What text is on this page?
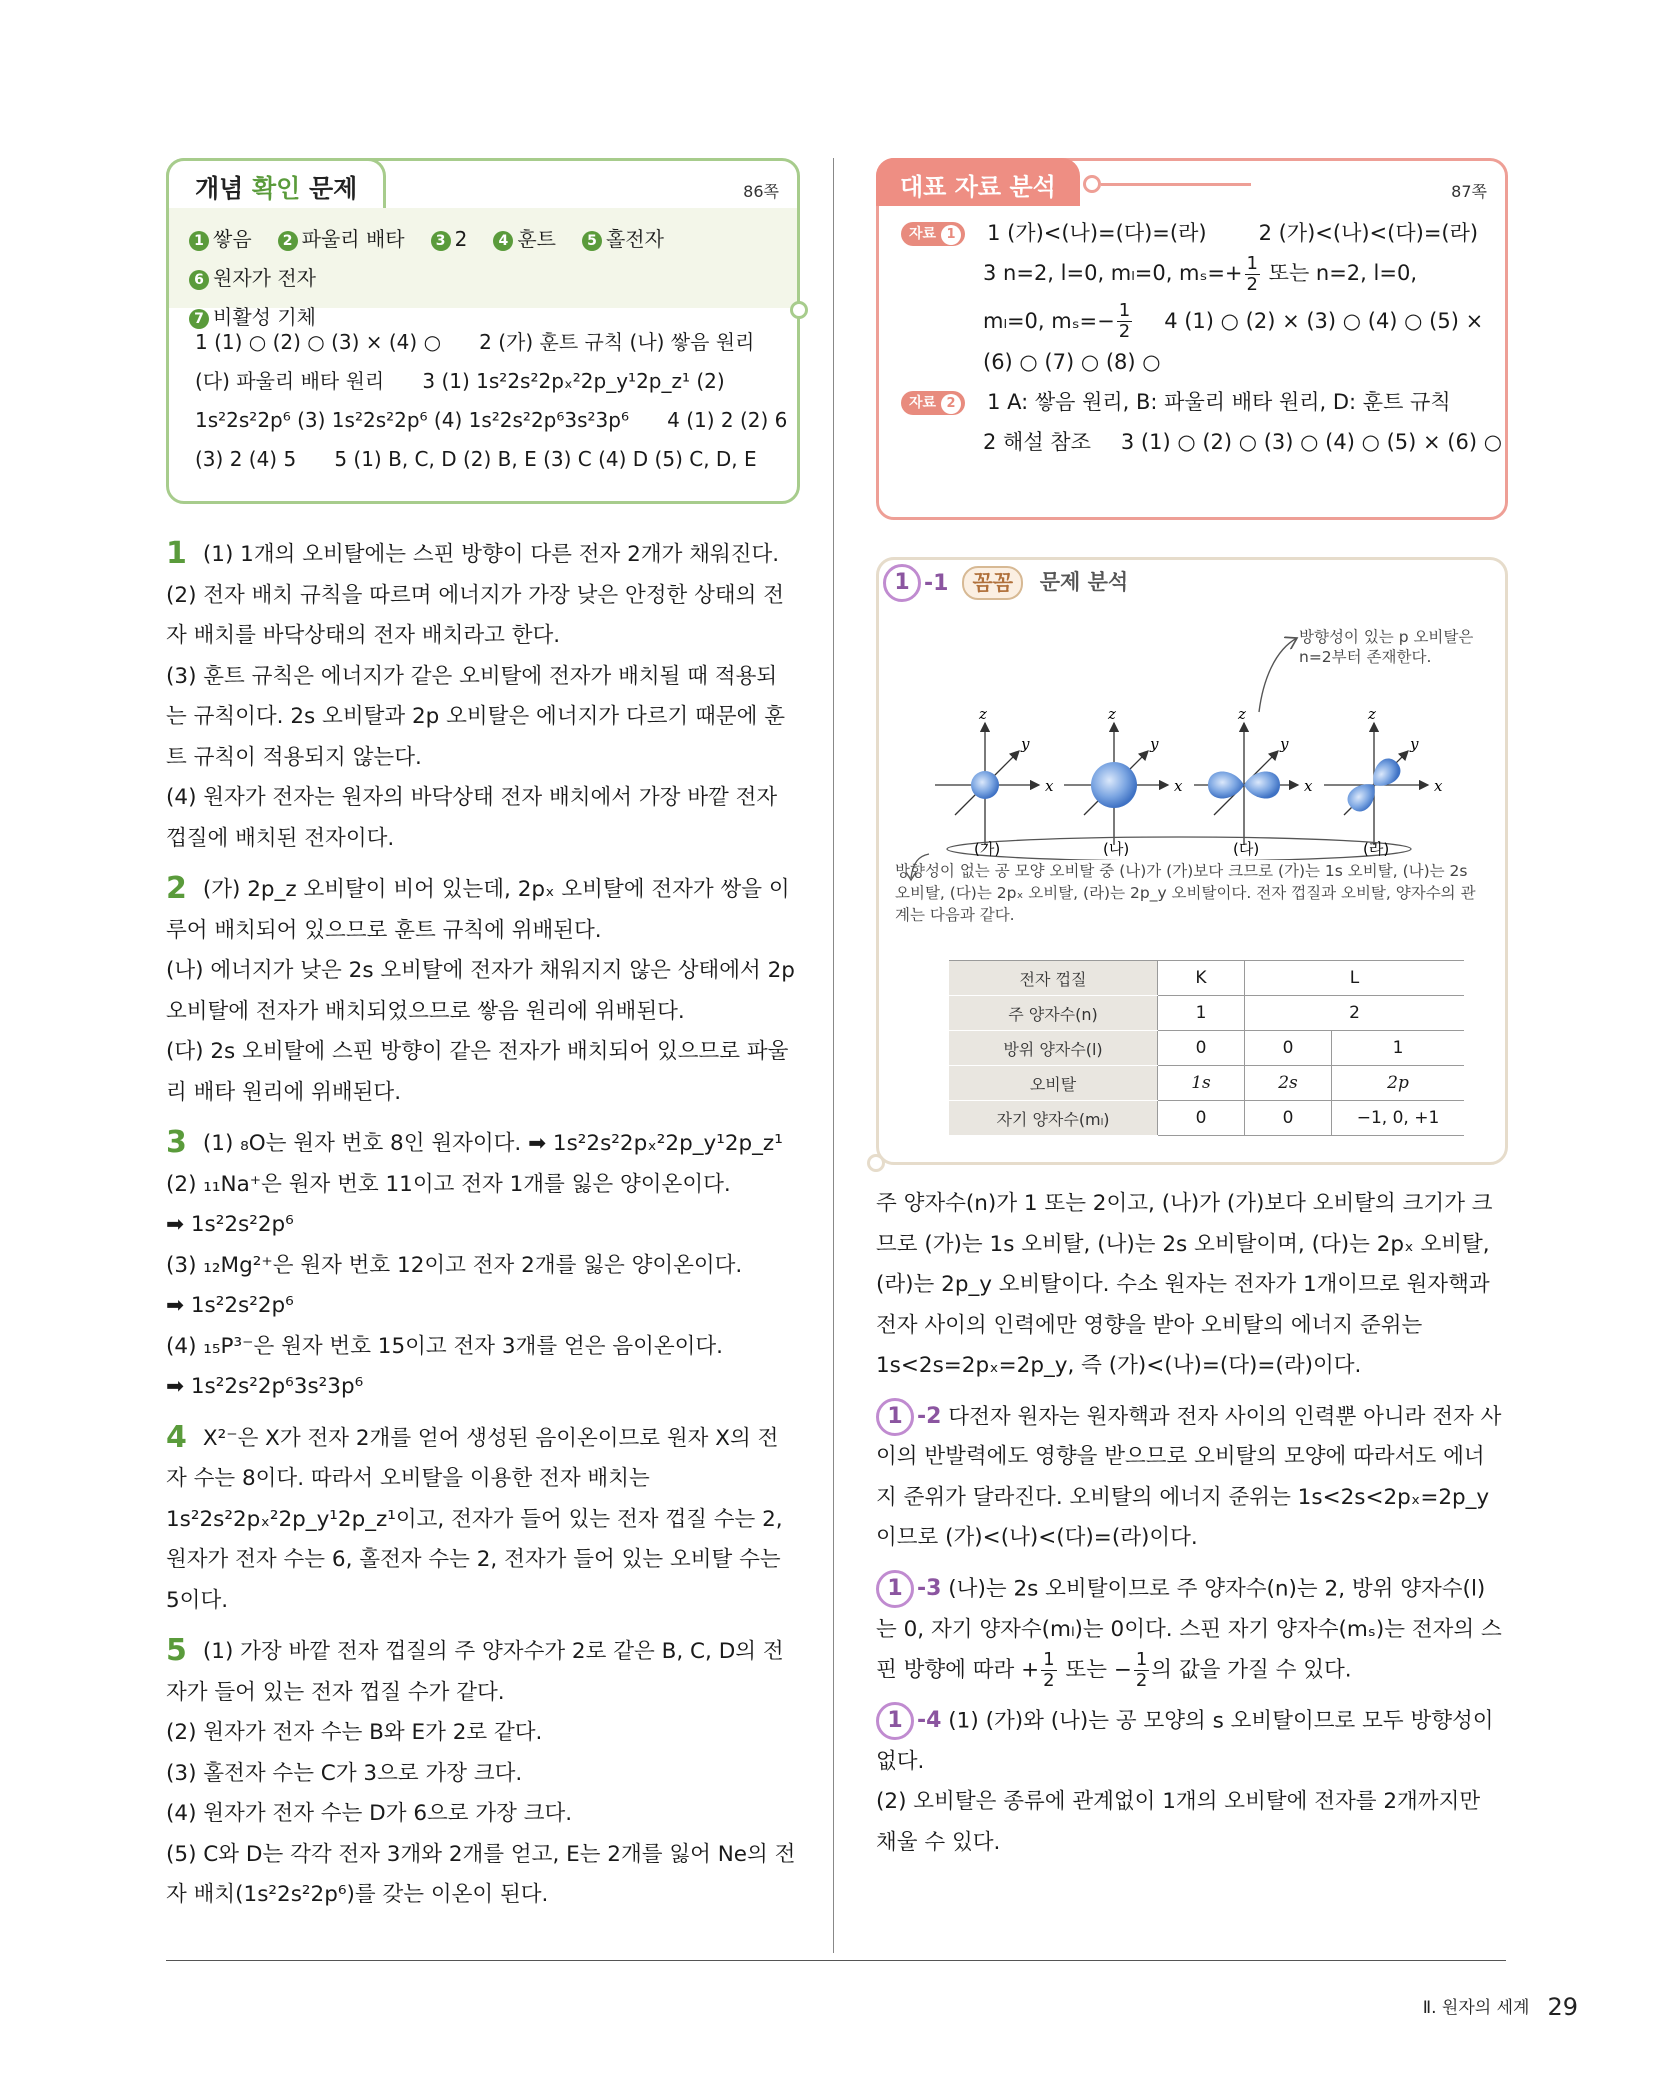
개념 확인 문제	86쪽
1 쌓음 2 파울리 배타 3 2 4 훈트 5 홀전자6 원자가 전자
7 비활성 기체
1 (1) ○ (2) ○ (3) × (4) ○      2 (가) 훈트 규칙 (나) 쌓음 원리
(다) 파울리 배타 원리      3 (1) 1s²2s²2pₓ²2p_y¹2p_z¹ (2)
1s²2s²2p⁶ (3) 1s²2s²2p⁶ (4) 1s²2s²2p⁶3s²3p⁶      4 (1) 2 (2) 6
(3) 2 (4) 5      5 (1) B, C, D (2) B, E (3) C (4) D (5) C, D, E

1 (1) 1개의 오비탈에는 스핀 방향이 다른 전자 2개가 채워진다.

(2) 전자 배치 규칙을 따르며 에너지가 가장 낮은 안정한 상태의 전자 배치를 바닥상태의 전자 배치라고 한다.

(3) 훈트 규칙은 에너지가 같은 오비탈에 전자가 배치될 때 적용되는 규칙이다. 2s 오비탈과 2p 오비탈은 에너지가 다르기 때문에 훈트 규칙이 적용되지 않는다.

(4) 원자가 전자는 원자의 바닥상태 전자 배치에서 가장 바깥 전자 껍질에 배치된 전자이다.

2 (가) 2p_z 오비탈이 비어 있는데, 2pₓ 오비탈에 전자가 쌍을 이루어 배치되어 있으므로 훈트 규칙에 위배된다.

(나) 에너지가 낮은 2s 오비탈에 전자가 채워지지 않은 상태에서 2p 오비탈에 전자가 배치되었으므로 쌓음 원리에 위배된다.

(다) 2s 오비탈에 스핀 방향이 같은 전자가 배치되어 있으므로 파울리 배타 원리에 위배된다.

3 (1) ₈O는 원자 번호 8인 원자이다. ➡ 1s²2s²2pₓ²2p_y¹2p_z¹

(2) ₁₁Na⁺은 원자 번호 11이고 전자 1개를 잃은 양이온이다.

➡ 1s²2s²2p⁶

(3) ₁₂Mg²⁺은 원자 번호 12이고 전자 2개를 잃은 양이온이다.

➡ 1s²2s²2p⁶

(4) ₁₅P³⁻은 원자 번호 15이고 전자 3개를 얻은 음이온이다.

➡ 1s²2s²2p⁶3s²3p⁶

4 X²⁻은 X가 전자 2개를 얻어 생성된 음이온이므로 원자 X의 전자 수는 8이다. 따라서 오비탈을 이용한 전자 배치는 1s²2s²2pₓ²2p_y¹2p_z¹이고, 전자가 들어 있는 전자 껍질 수는 2, 원자가 전자 수는 6, 홀전자 수는 2, 전자가 들어 있는 오비탈 수는 5이다.

5 (1) 가장 바깥 전자 껍질의 주 양자수가 2로 같은 B, C, D의 전자가 들어 있는 전자 껍질 수가 같다.

(2) 원자가 전자 수는 B와 E가 2로 같다.

(3) 홀전자 수는 C가 3으로 가장 크다.

(4) 원자가 전자 수는 D가 6으로 가장 크다.

(5) C와 D는 각각 전자 3개와 2개를 얻고, E는 2개를 잃어 Ne의 전자 배치(1s²2s²2p⁶)를 갖는 이온이 된다.

대표 자료 분석	87쪽
자료 1 1 (가)<(나)=(다)=(라) 2 (가)<(나)<(다)=(라)
3 n=2, l=0, mₗ=0, $m_s=+ \frac{1}{2}$ 또는 n=2, l=0,
mₗ=0, $m_s=- \frac{1}{2} 4$ (1) ○ (2) × (3) ○ (4) ○ (5) ×
(6) ○ (7) ○ (8) ○
자료 2 1 A: 쌓음 원리, B: 파울리 배타 원리, D: 훈트 규칙
2 해설 참조 3 (1) ○ (2) ○ (3) ○ (4) ○ (5) × (6) ○
1 -1 꼼꼼 문제 분석
방향성이 있는 p 오비탈은
n=2부터 존재한다.
x
z
y
x
z
y
x
z
y
x
z
y
(가)	(나)	(다)	(라)
방향성이 없는 공 모양 오비탈 중 (나)가 (가)보다 크므로 (가)는 1s 오비탈, (나)는 2s 오비탈, (다)는 2pₓ 오비탈, (라)는 2p_y 오비탈이다. 전자 껍질과 오비탈, 양자수의 관계는 다음과 같다.
전자 껍질	K	L	
주 양자수(n)	1	2	
방위 양자수(l)	0	0	1
오비탈	1s	2s	2p
자기 양자수(mₗ)	0	0	−1, 0, +1

주 양자수(n)가 1 또는 2이고, (나)가 (가)보다 오비탈의 크기가 크므로 (가)는 1s 오비탈, (나)는 2s 오비탈이며, (다)는 2pₓ 오비탈, (라)는 2p_y 오비탈이다. 수소 원자는 전자가 1개이므로 원자핵과 전자 사이의 인력에만 영향을 받아 오비탈의 에너지 준위는 1s<2s=2pₓ=2p_y, 즉 (가)<(나)=(다)=(라)이다.

1 -2 다전자 원자는 원자핵과 전자 사이의 인력뿐 아니라 전자 사이의 반발력에도 영향을 받으므로 오비탈의 모양에 따라서도 에너지 준위가 달라진다. 오비탈의 에너지 준위는 1s<2s<2pₓ=2p_y이므로 (가)<(나)<(다)=(라)이다.

1 -3 (나)는 2s 오비탈이므로 주 양자수(n)는 2, 방위 양자수(l)는 0, 자기 양자수(mₗ)는 0이다. 스핀 자기 양자수(mₛ)는 전자의 스핀 방향에 따라 + $\frac{1}{2}$ 또는 − $\frac{1}{2}$ 의 값을 가질 수 있다.

1 -4 (1) (가)와 (나)는 공 모양의 s 오비탈이므로 모두 방향성이 없다.

(2) 오비탈은 종류에 관계없이 1개의 오비탈에 전자를 2개까지만 채울 수 있다.

Ⅱ. 원자의 세계 29
